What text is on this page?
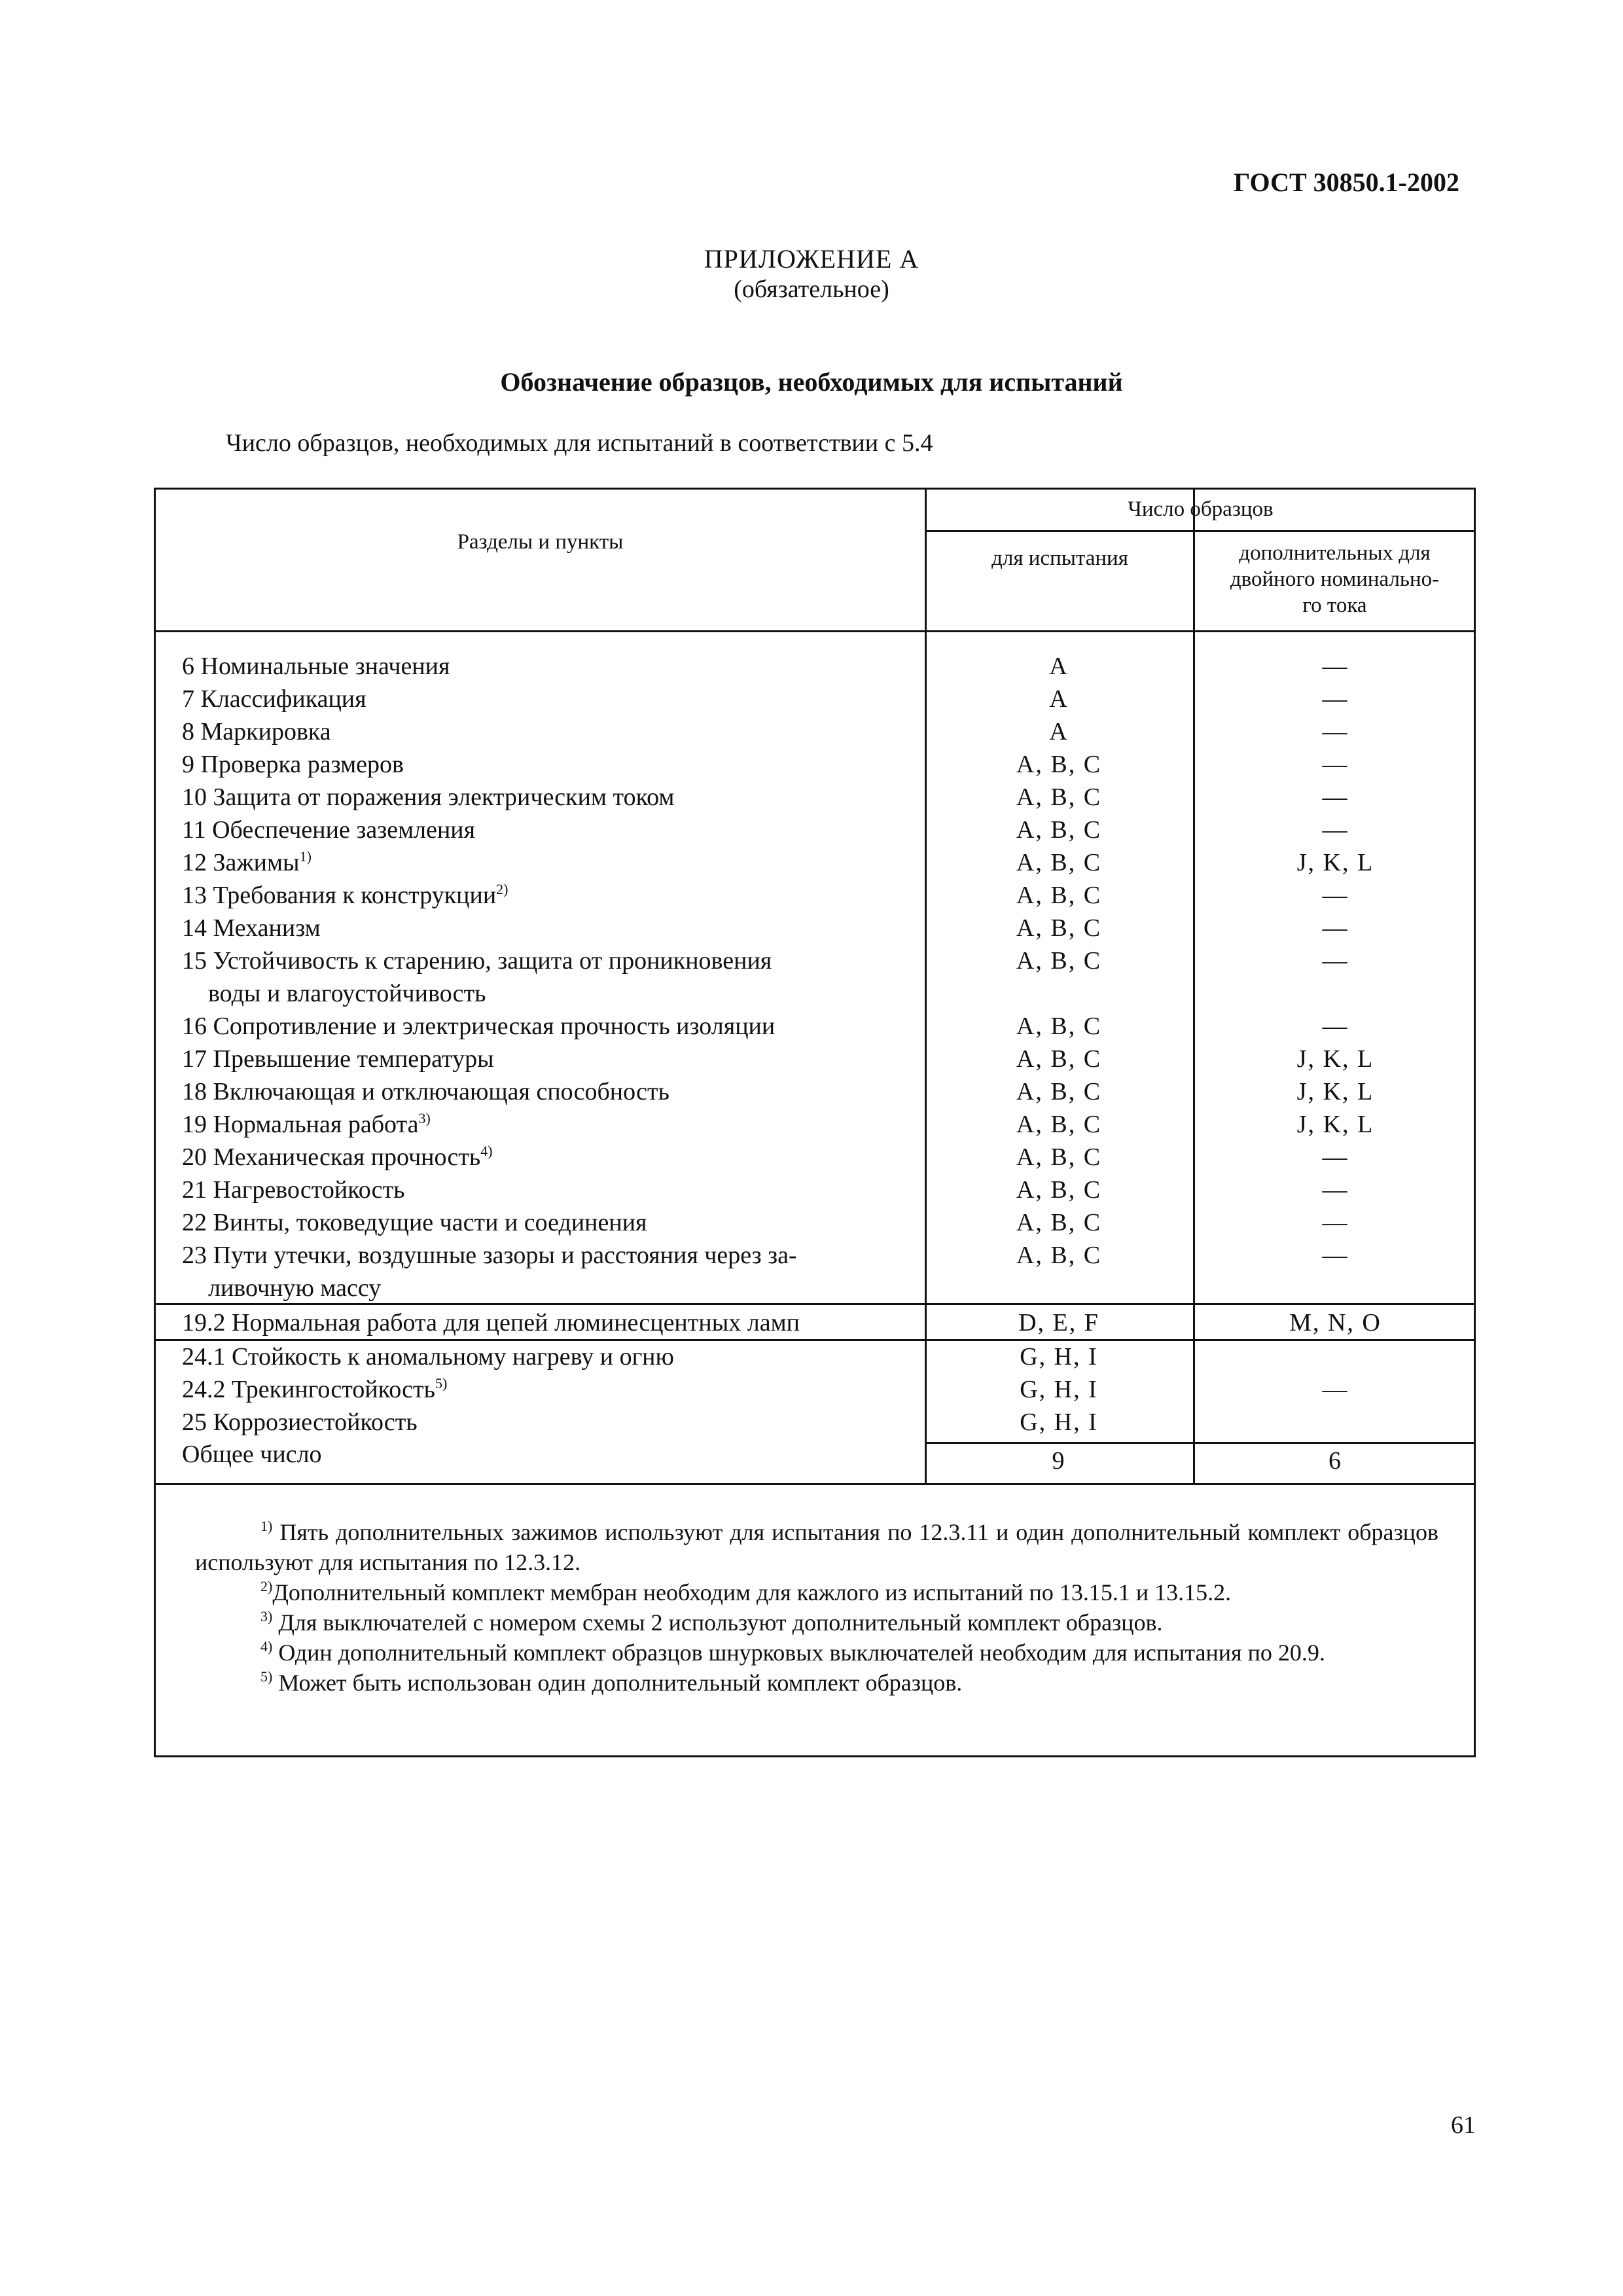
ГОСТ 30850.1-2002
ПРИЛОЖЕНИЕ А
(обязательное)
Обозначение образцов, необходимых для испытаний
Число образцов, необходимых для испытаний в соответствии с 5.4
Разделы и пункты
Число образцов
для испытания	дополнительных для
двойного номинально-
го тока
6 Номинальные значения	A	—
7 Классификация	A	—
8 Маркировка	A	—
9 Проверка размеров	A, B, C	—
10 Защита от поражения электрическим током	A, B, C	—
11 Обеспечение заземления	A, B, C	—
12 Зажимы$^{1)}$	A, B, C	J, K, L
13 Требования к конструкции$^{2)}$	A, B, C	—
14 Механизм	A, B, C	—
15 Устойчивость к старению, защита от проникновения
воды и влагоустойчивость
A, B, C	—
16 Сопротивление и электрическая прочность изоляции	A, B, C	—
17 Превышение температуры	A, B, C	J, K, L
18 Включающая и отключающая способность	A, B, C	J, K, L
19 Нормальная работа$^{3)}$	A, B, C	J, K, L
20 Механическая прочность$^{4)}$	A, B, C	—
21 Нагревостойкость	A, B, C	—
22 Винты, токоведущие части и соединения	A, B, C	—
23 Пути утечки, воздушные зазоры и расстояния через за-
ливочную массу
A, B, C	—
19.2 Нормальная работа для цепей люминесцентных ламп	D, E, F	M, N, O
24.1 Стойкость к аномальному нагреву и огню	G, H, I
24.2 Трекингостойкость$^{5)}$	G, H, I	—
25 Коррозиестойкость	G, H, I
Общее число	9	6

$^{1)}$ Пять дополнительных зажимов используют для испытания по 12.3.11 и один дополнительный комплект образцов используют для испытания по 12.3.12.

$^{2)}$Дополнительный комплект мембран необходим для кажлого из испытаний по 13.15.1 и 13.15.2.

$^{3)}$ Для выключателей с номером схемы 2 используют дополнительный комплект образцов.

$^{4)}$ Один дополнительный комплект образцов шнурковых выключателей необходим для испытания по 20.9.

$^{5)}$ Может быть использован один дополнительный комплект образцов.

61
